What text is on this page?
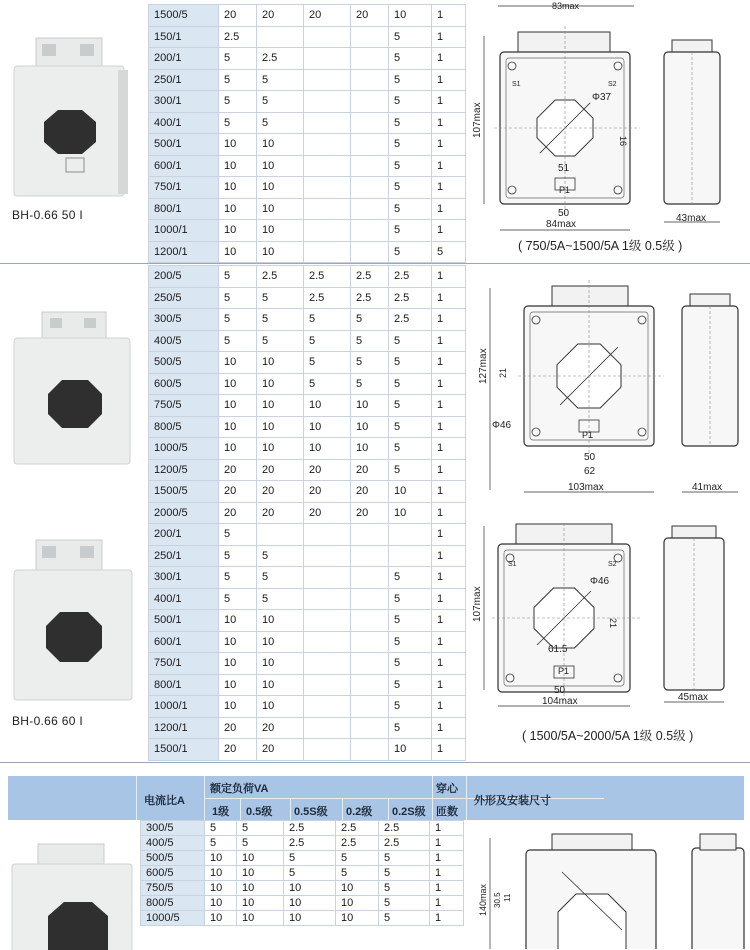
BH-0.66 50 I
1500/5	20	20	20	20	10	1
150/1	2.5				5	1
200/1	5	2.5			5	1
250/1	5	5			5	1
300/1	5	5			5	1
400/1	5	5			5	1
500/1	10	10			5	1
600/1	10	10			5	1
750/1	10	10			5	1
800/1	10	10			5	1
1000/1	10	10			5	1
1200/1	10	10			5	5
83max
107max
Φ37
16
51
50
84max
S1	S2
P1
43max
( 750/5A~1500/5A 1级 0.5级 )
200/5	5	2.5	2.5	2.5	2.5	1
250/5	5	5	2.5	2.5	2.5	1
300/5	5	5	5	5	2.5	1
400/5	5	5	5	5	5	1
500/5	10	10	5	5	5	1
600/5	10	10	5	5	5	1
750/5	10	10	10	10	5	1
800/5	10	10	10	10	5	1
1000/5	10	10	10	10	5	1
1200/5	20	20	20	20	5	1
1500/5	20	20	20	20	10	1
2000/5	20	20	20	20	10	1
127max 21
Φ46
P1
50
62
103max	41max
BH-0.66 60 I
200/1	5					1
250/1	5	5				1
300/1	5	5			5	1
400/1	5	5			5	1
500/1	10	10			5	1
600/1	10	10			5	1
750/1	10	10			5	1
800/1	10	10			5	1
1000/1	10	10			5	1
1200/1	20	20			5	1
1500/1	20	20			10	1
107max
Φ46
21
61.5
50
104max
S1	S2
P1
45max
( 1500/5A~2000/5A 1级 0.5级 )
电流比A
额定负荷VA
1级 0.5级 0.5S级 0.2级 0.2S级
穿心
匝数
外形及安装尺寸
300/5	5	5	2.5	2.5	2.5	1
400/5	5	5	2.5	2.5	2.5	1
500/5	10	10	5	5	5	1
600/5	10	10	5	5	5	1
750/5	10	10	10	10	5	1
800/5	10	10	10	10	5	1
1000/5	10	10	10	10	5	1
140max 30.5 11
